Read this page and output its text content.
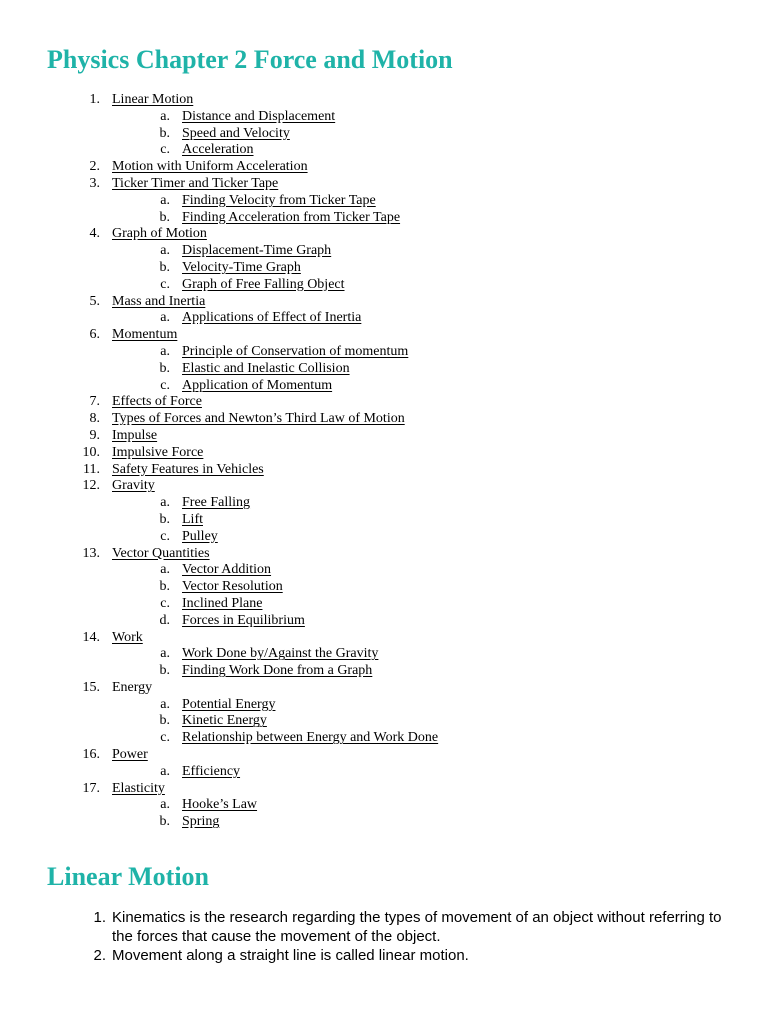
Physics Chapter 2 Force and Motion
1. Linear Motion
a. Distance and Displacement
b. Speed and Velocity
c. Acceleration
2. Motion with Uniform Acceleration
3. Ticker Timer and Ticker Tape
a. Finding Velocity from Ticker Tape
b. Finding Acceleration from Ticker Tape
4. Graph of Motion
a. Displacement-Time Graph
b. Velocity-Time Graph
c. Graph of Free Falling Object
5. Mass and Inertia
a. Applications of Effect of Inertia
6. Momentum
a. Principle of Conservation of momentum
b. Elastic and Inelastic Collision
c. Application of Momentum
7. Effects of Force
8. Types of Forces and Newton’s Third Law of Motion
9. Impulse
10. Impulsive Force
11. Safety Features in Vehicles
12. Gravity
a. Free Falling
b. Lift
c. Pulley
13. Vector Quantities
a. Vector Addition
b. Vector Resolution
c. Inclined Plane
d. Forces in Equilibrium
14. Work
a. Work Done by/Against the Gravity
b. Finding Work Done from a Graph
15. Energy
a. Potential Energy
b. Kinetic Energy
c. Relationship between Energy and Work Done
16. Power
a. Efficiency
17. Elasticity
a. Hooke’s Law
b. Spring
Linear Motion
1. Kinematics is the research regarding the types of movement of an object without referring to the forces that cause the movement of the object.
2. Movement along a straight line is called linear motion.
